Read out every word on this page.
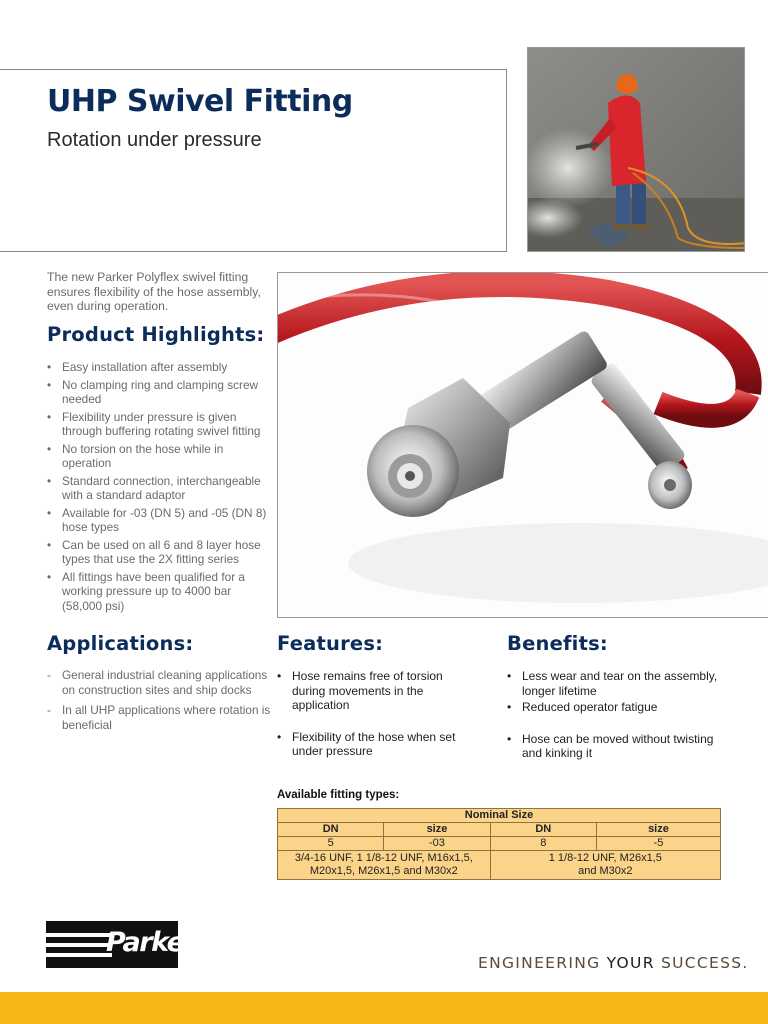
UHP Swivel Fitting
Rotation under pressure
The new Parker Polyflex swivel fitting ensures flexibility of the hose assembly, even during operation.
Product Highlights:
• Easy installation after assembly
• No clamping ring and clamping screw needed
• Flexibility under pressure is given through buffering rotating swivel fitting
• No torsion on the hose while in operation
• Standard connection, interchangeable with a standard adaptor
• Available for -03 (DN 5) and -05 (DN 8) hose types
• Can be used on all 6 and 8 layer hose types that use the 2X fitting series
• All fittings have been qualified for a working pressure up to 4000 bar (58,000 psi)
Applications:
- General industrial cleaning applications on construction sites and ship docks
- In all UHP applications where rotation is beneficial
Features:
• Hose remains free of torsion during movements in the application
• Flexibility of the hose when set under pressure
Benefits:
• Less wear and tear on the assembly, longer lifetime
• Reduced operator fatigue
• Hose can be moved without twisting and kinking it
Available fitting types:
Nominal Size			
DN	size	DN	size
5	-03	8	-5
3/4-16 UNF, 1 1/8-12 UNF, M16x1,5, M20x1,5, M26x1,5 and M30x2		1 1/8-12 UNF, M26x1,5 and M30x2	
Parker
ENGINEERING YOUR SUCCESS.
